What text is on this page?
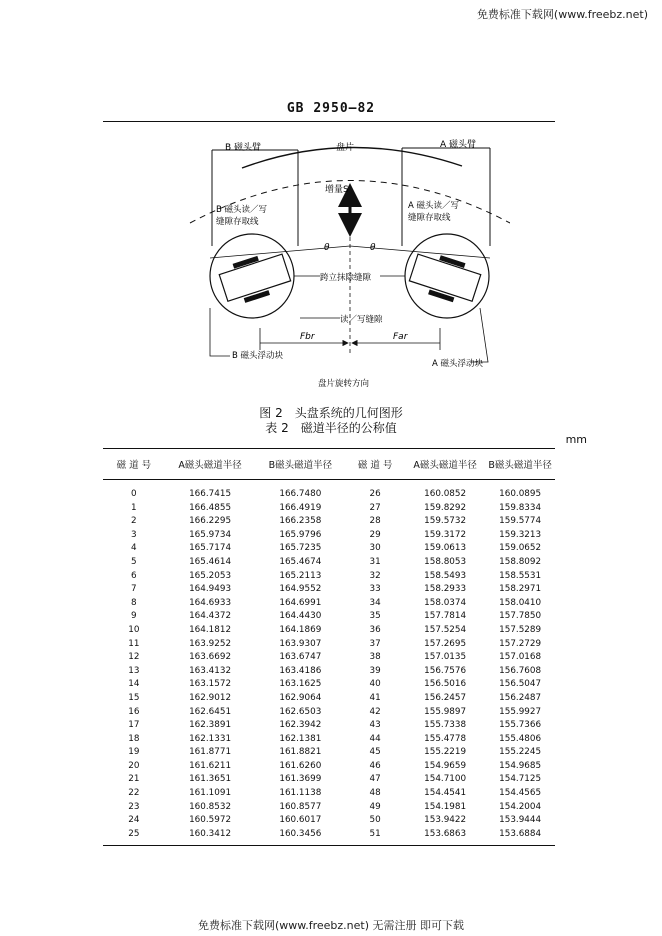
免费标准下载网(www.freebz.net)
GB 2950—82
B 磁头臂	A 磁头臂
盘片
增量S
B 磁头读／写
缝隙存取线
A 磁头读／写
缝隙存取线
θ	θ
跨立抹除缝隙
读／写缝隙
Fbr	Far
B 磁头浮动块
A 磁头浮动块
盘片旋转方向
图 2　头盘系统的几何图形
表 2　磁道半径的公称值
mm
磁 道 号	A磁头磁道半径	B磁头磁道半径	磁 道 号	A磁头磁道半径	B磁头磁道半径
0	166.7415	166.7480	26	160.0852	160.0895
1	166.4855	166.4919	27	159.8292	159.8334
2	166.2295	166.2358	28	159.5732	159.5774
3	165.9734	165.9796	29	159.3172	159.3213
4	165.7174	165.7235	30	159.0613	159.0652
5	165.4614	165.4674	31	158.8053	158.8092
6	165.2053	165.2113	32	158.5493	158.5531
7	164.9493	164.9552	33	158.2933	158.2971
8	164.6933	164.6991	34	158.0374	158.0410
9	164.4372	164.4430	35	157.7814	157.7850
10	164.1812	164.1869	36	157.5254	157.5289
11	163.9252	163.9307	37	157.2695	157.2729
12	163.6692	163.6747	38	157.0135	157.0168
13	163.4132	163.4186	39	156.7576	156.7608
14	163.1572	163.1625	40	156.5016	156.5047
15	162.9012	162.9064	41	156.2457	156.2487
16	162.6451	162.6503	42	155.9897	155.9927
17	162.3891	162.3942	43	155.7338	155.7366
18	162.1331	162.1381	44	155.4778	155.4806
19	161.8771	161.8821	45	155.2219	155.2245
20	161.6211	161.6260	46	154.9659	154.9685
21	161.3651	161.3699	47	154.7100	154.7125
22	161.1091	161.1138	48	154.4541	154.4565
23	160.8532	160.8577	49	154.1981	154.2004
24	160.5972	160.6017	50	153.9422	153.9444
25	160.3412	160.3456	51	153.6863	153.6884
免费标准下载网(www.freebz.net) 无需注册 即可下载
